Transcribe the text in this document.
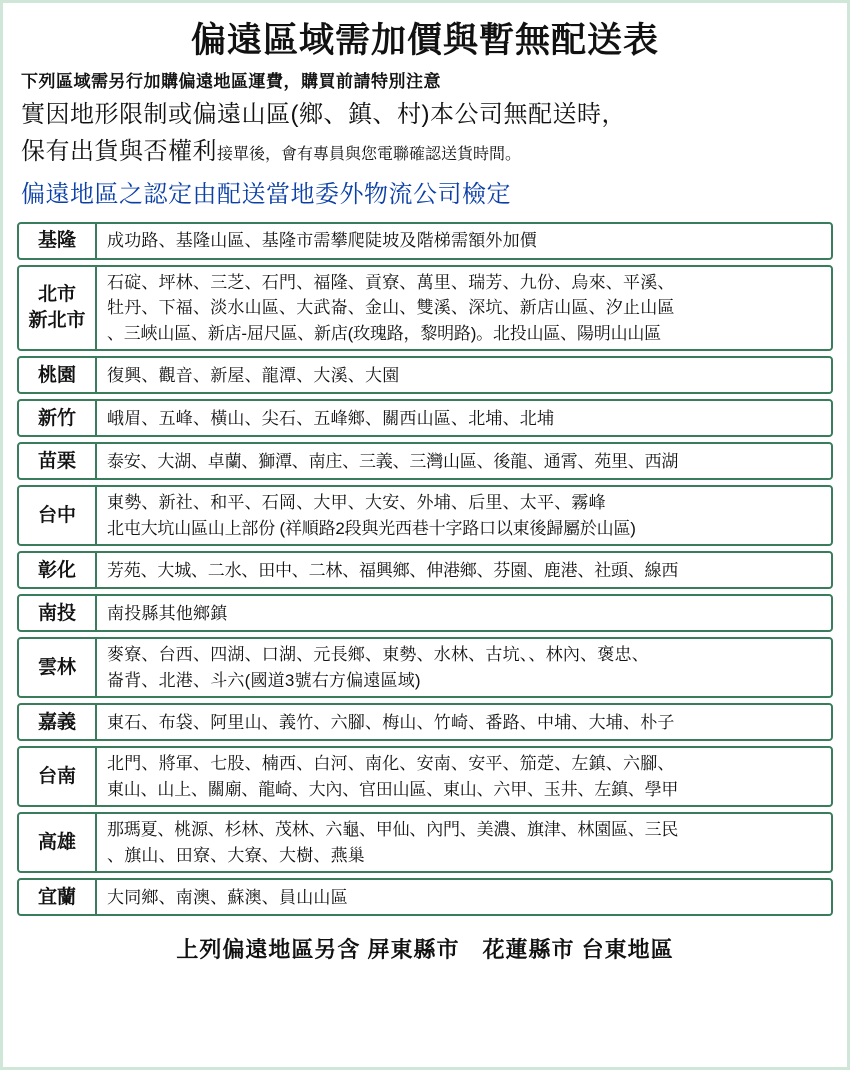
偏遠區域需加價與暫無配送表
下列區域需另行加購偏遠地區運費，購買前請特別注意
實因地形限制或偏遠山區(鄉、鎮、村)本公司無配送時，
保有出貨與否權利接單後，會有專員與您電聯確認送貨時間。
偏遠地區之認定由配送當地委外物流公司檢定
基隆 成功路、基隆山區、基隆市需攀爬陡坡及階梯需額外加價

北市
新北市
石碇、坪林、三芝、石門、福隆、貢寮、萬里、瑞芳、九份、烏來、平溪、
牡丹、下福、淡水山區、大武崙、金山、雙溪、深坑、新店山區、汐止山區
、三峽山區、新店-屈尺區、新店(玫瑰路，黎明路)。北投山區、陽明山山區

桃園 復興、觀音、新屋、龍潭、大溪、大園

新竹 峨眉、五峰、橫山、尖石、五峰鄉、關西山區、北埔、北埔

苗栗 泰安、大湖、卓蘭、獅潭、南庄、三義、三灣山區、後龍、通霄、苑里、西湖

台中
東勢、新社、和平、石岡、大甲、大安、外埔、后里、太平、霧峰
北屯大坑山區山上部份 (祥順路2段與光西巷十字路口以東後歸屬於山區)

彰化 芳苑、大城、二水、田中、二林、福興鄉、伸港鄉、芬園、鹿港、社頭、線西

南投 南投縣其他鄉鎮

雲林
麥寮、台西、四湖、口湖、元長鄉、東勢、水林、古坑、、林內、褒忠、
崙背、北港、斗六(國道3號右方偏遠區域)

嘉義 東石、布袋、阿里山、義竹、六腳、梅山、竹崎、番路、中埔、大埔、朴子

台南
北門、將軍、七股、楠西、白河、南化、安南、安平、笳萣、左鎮、六腳、
東山、山上、關廟、龍崎、大內、官田山區、東山、六甲、玉井、左鎮、學甲

高雄
那瑪夏、桃源、杉林、茂林、六龜、甲仙、內門、美濃、旗津、林園區、三民
、旗山、田寮、大寮、大樹、燕巢

宜蘭 大同鄉、南澳、蘇澳、員山山區
上列偏遠地區另含 屏東縣市　花蓮縣市 台東地區
